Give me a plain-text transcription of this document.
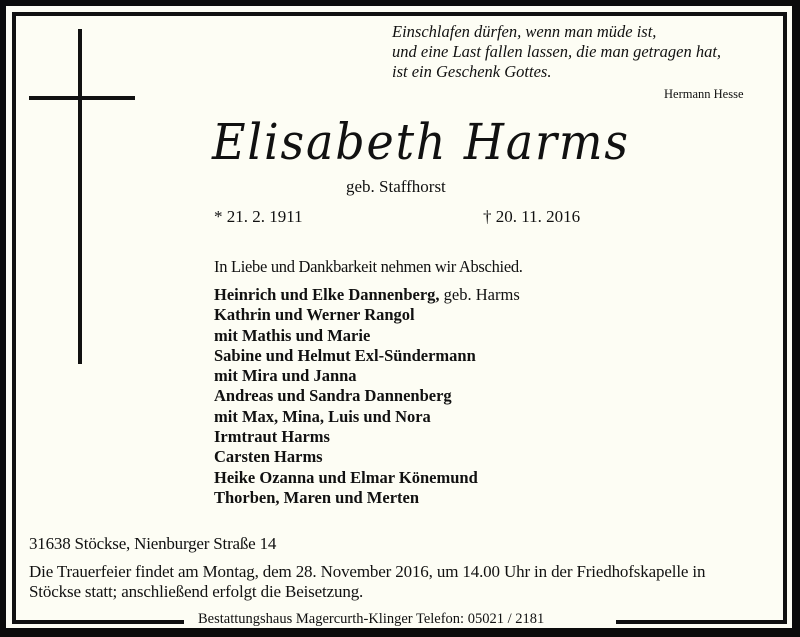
Einschlafen dürfen, wenn man müde ist,
und eine Last fallen lassen, die man getragen hat,
ist ein Geschenk Gottes.
Hermann Hesse
Elisabeth Harms
geb. Staffhorst
* 21. 2. 1911	† 20. 11. 2016
In Liebe und Dankbarkeit nehmen wir Abschied.
Heinrich und Elke Dannenberg, geb. Harms
Kathrin und Werner Rangol
mit Mathis und Marie
Sabine und Helmut Exl-Sündermann
mit Mira und Janna
Andreas und Sandra Dannenberg
mit Max, Mina, Luis und Nora
Irmtraut Harms
Carsten Harms
Heike Ozanna und Elmar Könemund
Thorben, Maren und Merten
31638 Stöckse, Nienburger Straße 14
Die Trauerfeier findet am Montag, dem 28. November 2016, um 14.00 Uhr in der Friedhofskapelle in
Stöckse statt; anschließend erfolgt die Beisetzung.
Bestattungshaus Magercurth-Klinger Telefon: 05021 / 2181
